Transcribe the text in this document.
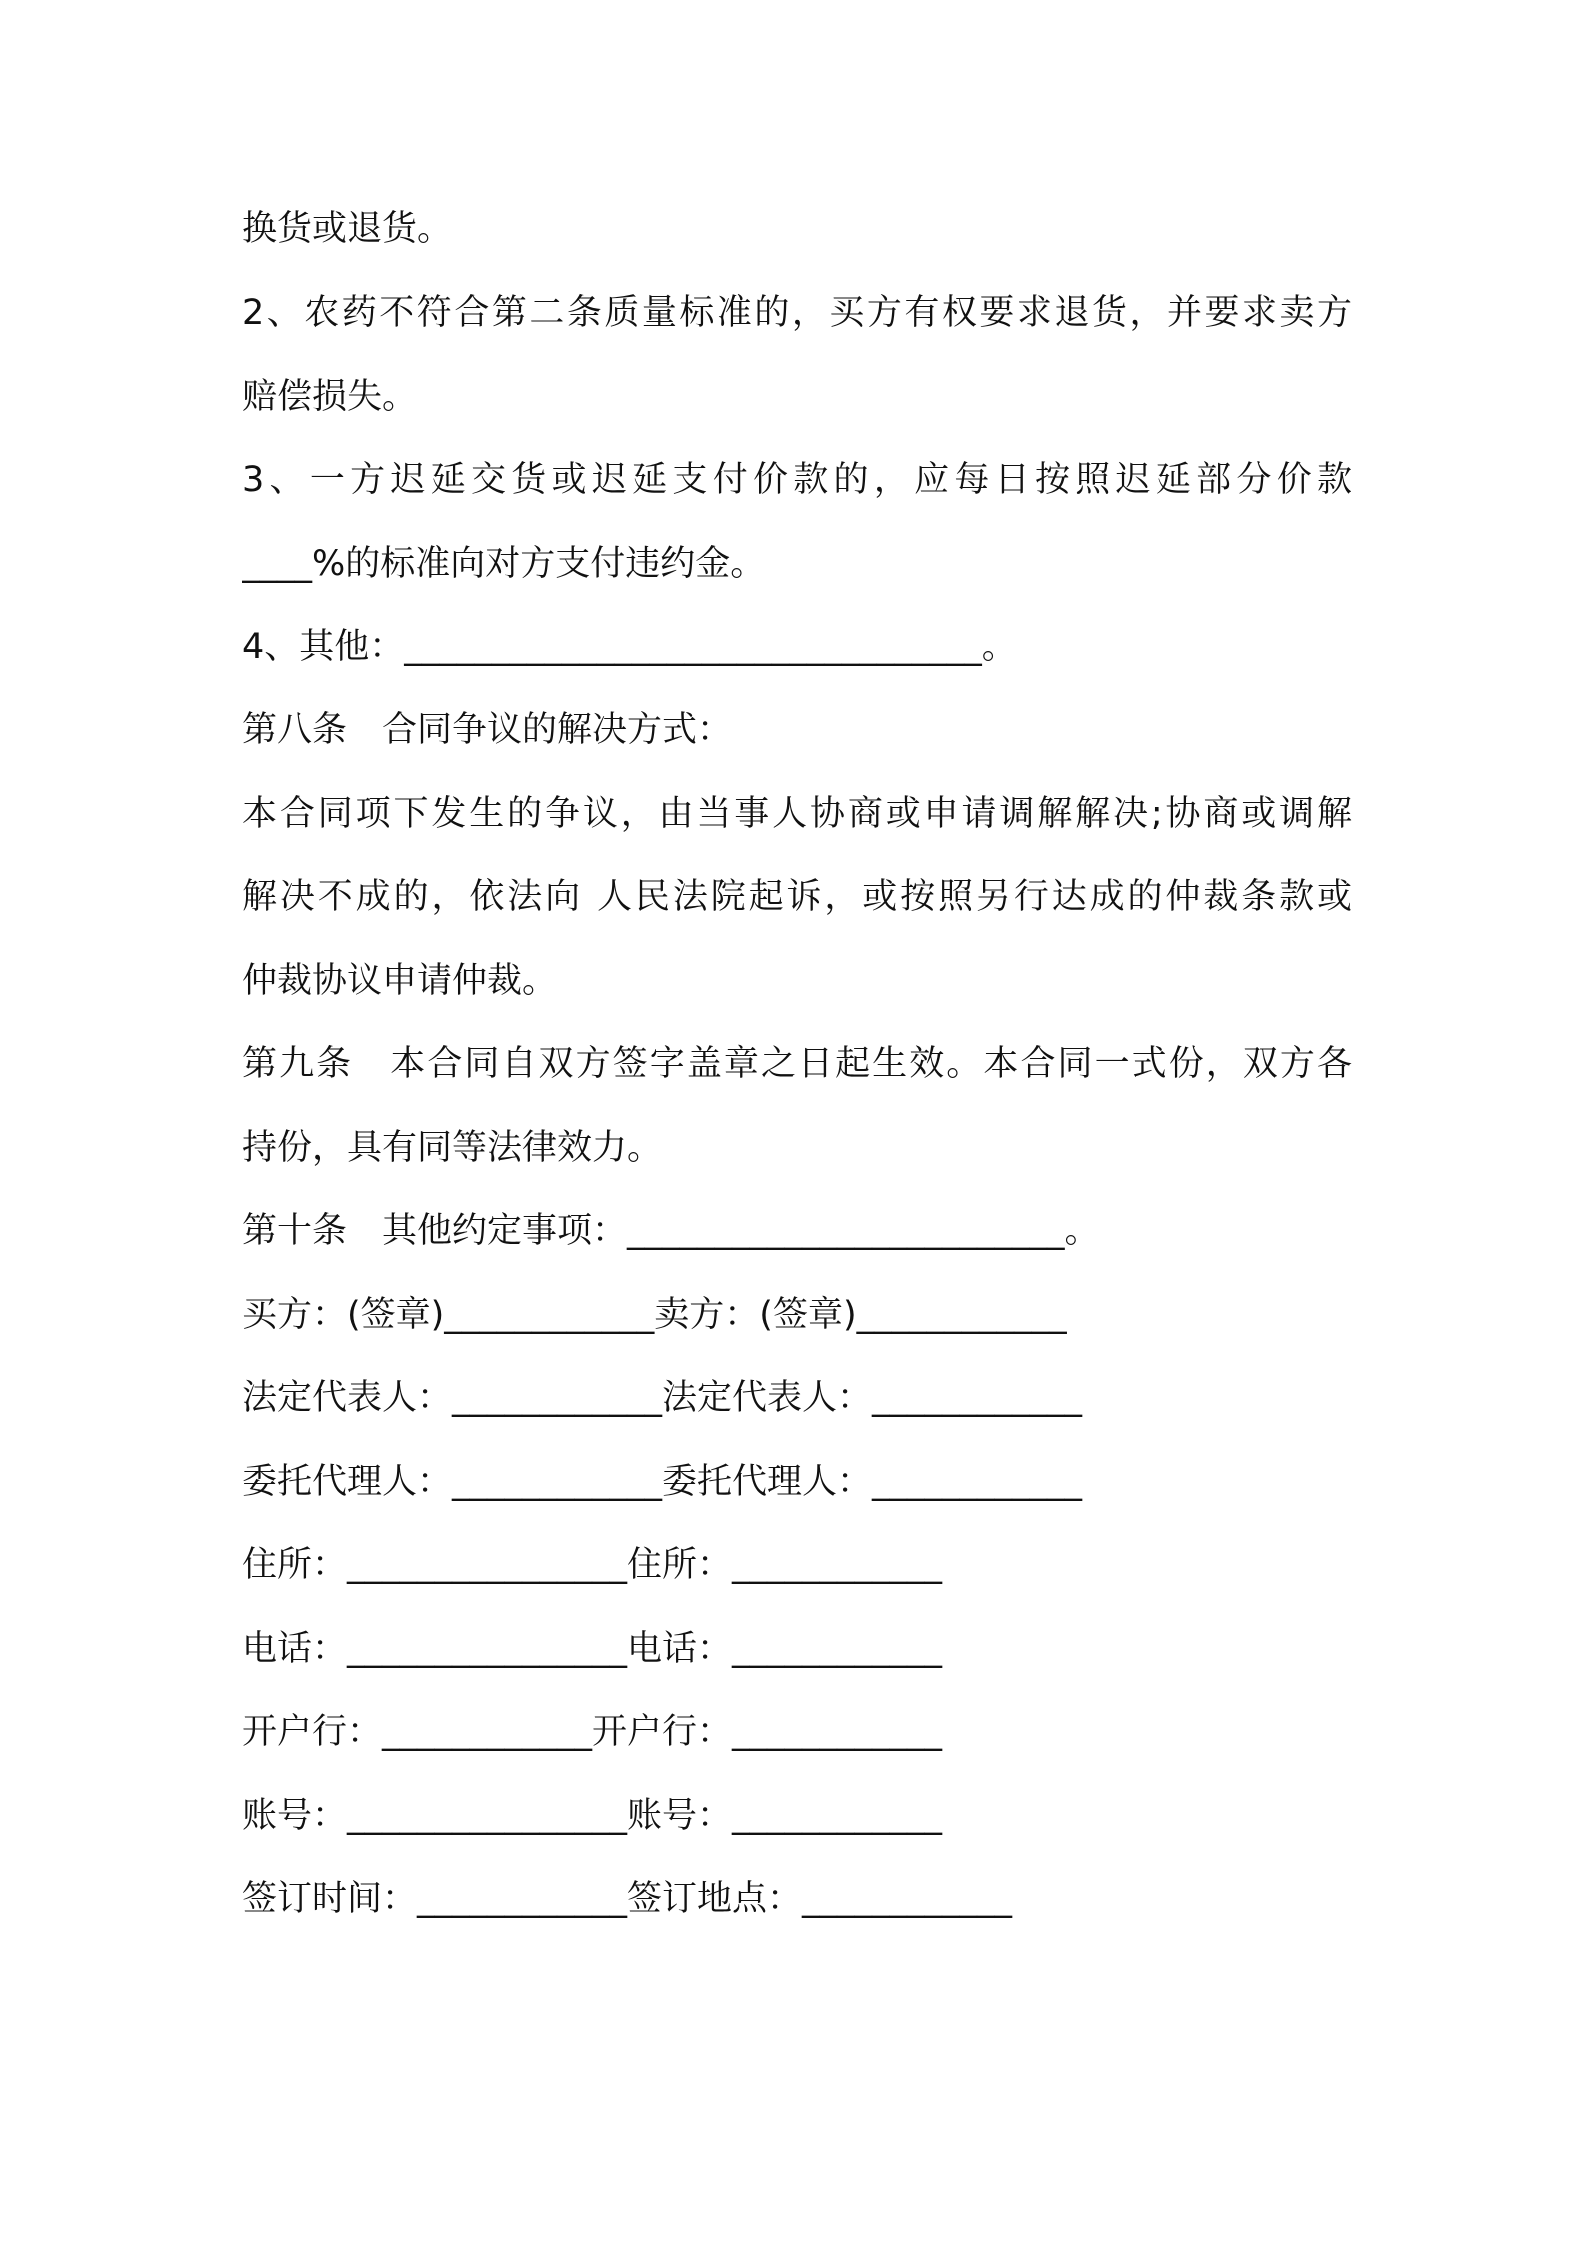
换货或退货。
2、农药不符合第二条质量标准的，买方有权要求退货，并要求卖方
赔偿损失。
3、一方迟延交货或迟延支付价款的，应每日按照迟延部分价款
____%的标准向对方支付违约金。
4、其他：_________________________________。
第八条　合同争议的解决方式：
本合同项下发生的争议，由当事人协商或申请调解解决;协商或调解
解决不成的，依法向 人民法院起诉，或按照另行达成的仲裁条款或
仲裁协议申请仲裁。
第九条　本合同自双方签字盖章之日起生效。本合同一式份，双方各
持份，具有同等法律效力。
第十条　其他约定事项：_________________________。
买方：(签章)____________卖方：(签章)____________
法定代表人：____________法定代表人：____________
委托代理人：____________委托代理人：____________
住所：________________住所：____________
电话：________________电话：____________
开户行：____________开户行：____________
账号：________________账号：____________
签订时间：____________签订地点：____________
